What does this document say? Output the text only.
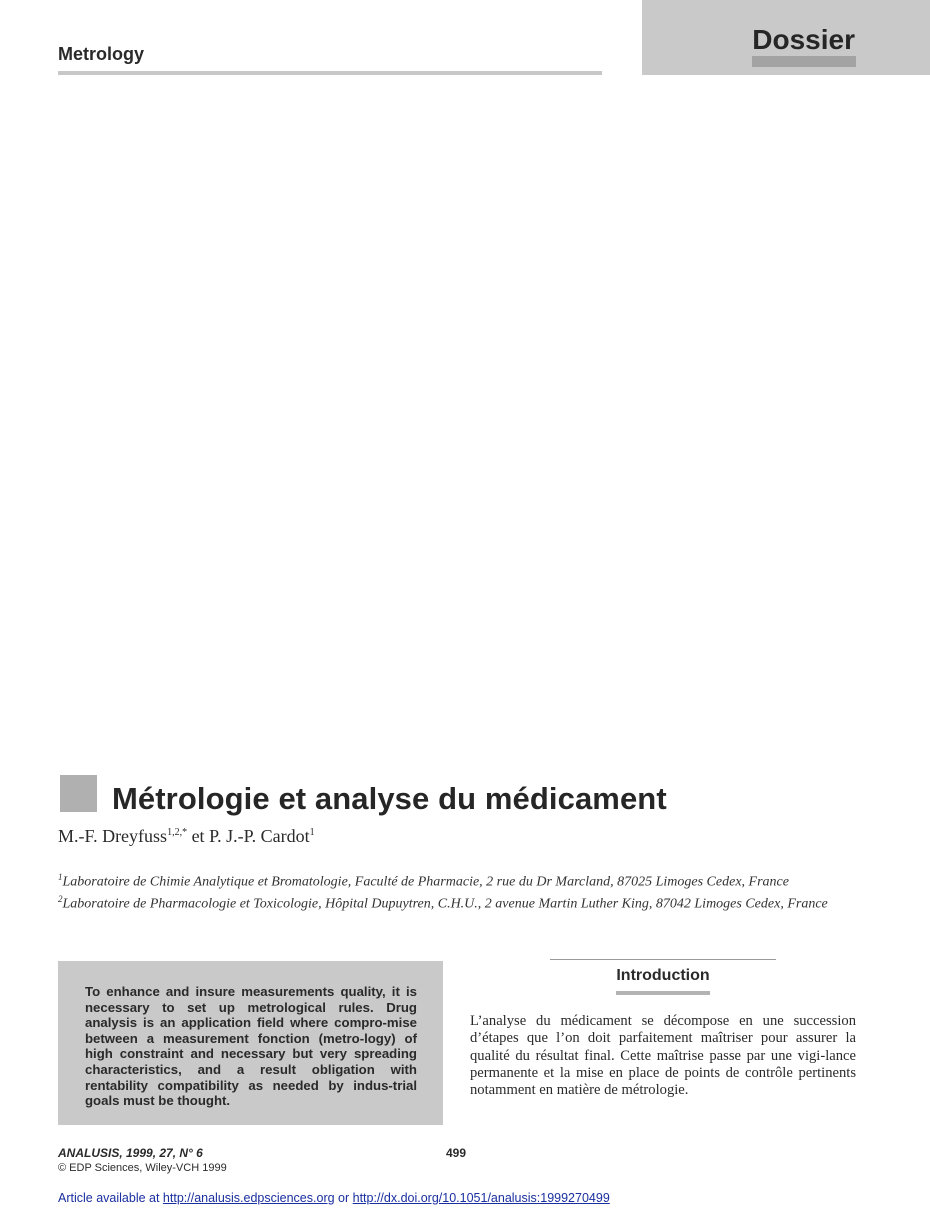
Metrology	Dossier
Métrologie et analyse du médicament
M.-F. Dreyfuss$^{1,2,*}$ et P. J.-P. Cardot$^1$

$^1$Laboratoire de Chimie Analytique et Bromatologie, Faculté de Pharmacie, 2 rue du Dr Marcland, 87025 Limoges Cedex, France

$^2$Laboratoire de Pharmacologie et Toxicologie, Hôpital Dupuytren, C.H.U., 2 avenue Martin Luther King, 87042 Limoges Cedex, France

To enhance and insure measurements quality, it is necessary to set up metrological rules. Drug analysis is an application field where compro-mise between a measurement fonction (metro-logy) of high constraint and necessary but very spreading characteristics, and a result obligation with rentability compatibility as needed by indus-trial goals must be thought.

Introduction

L’analyse du médicament se décompose en une succession d’étapes que l’on doit parfaitement maîtriser pour assurer la qualité du résultat final. Cette maîtrise passe par une vigi-lance permanente et la mise en place de points de contrôle pertinents notamment en matière de métrologie.

ANALUSIS, 1999, 27, N° 6	499
© EDP Sciences, Wiley-VCH 1999
Article available at http://analusis.edpsciences.org or http://dx.doi.org/10.1051/analusis:1999270499
